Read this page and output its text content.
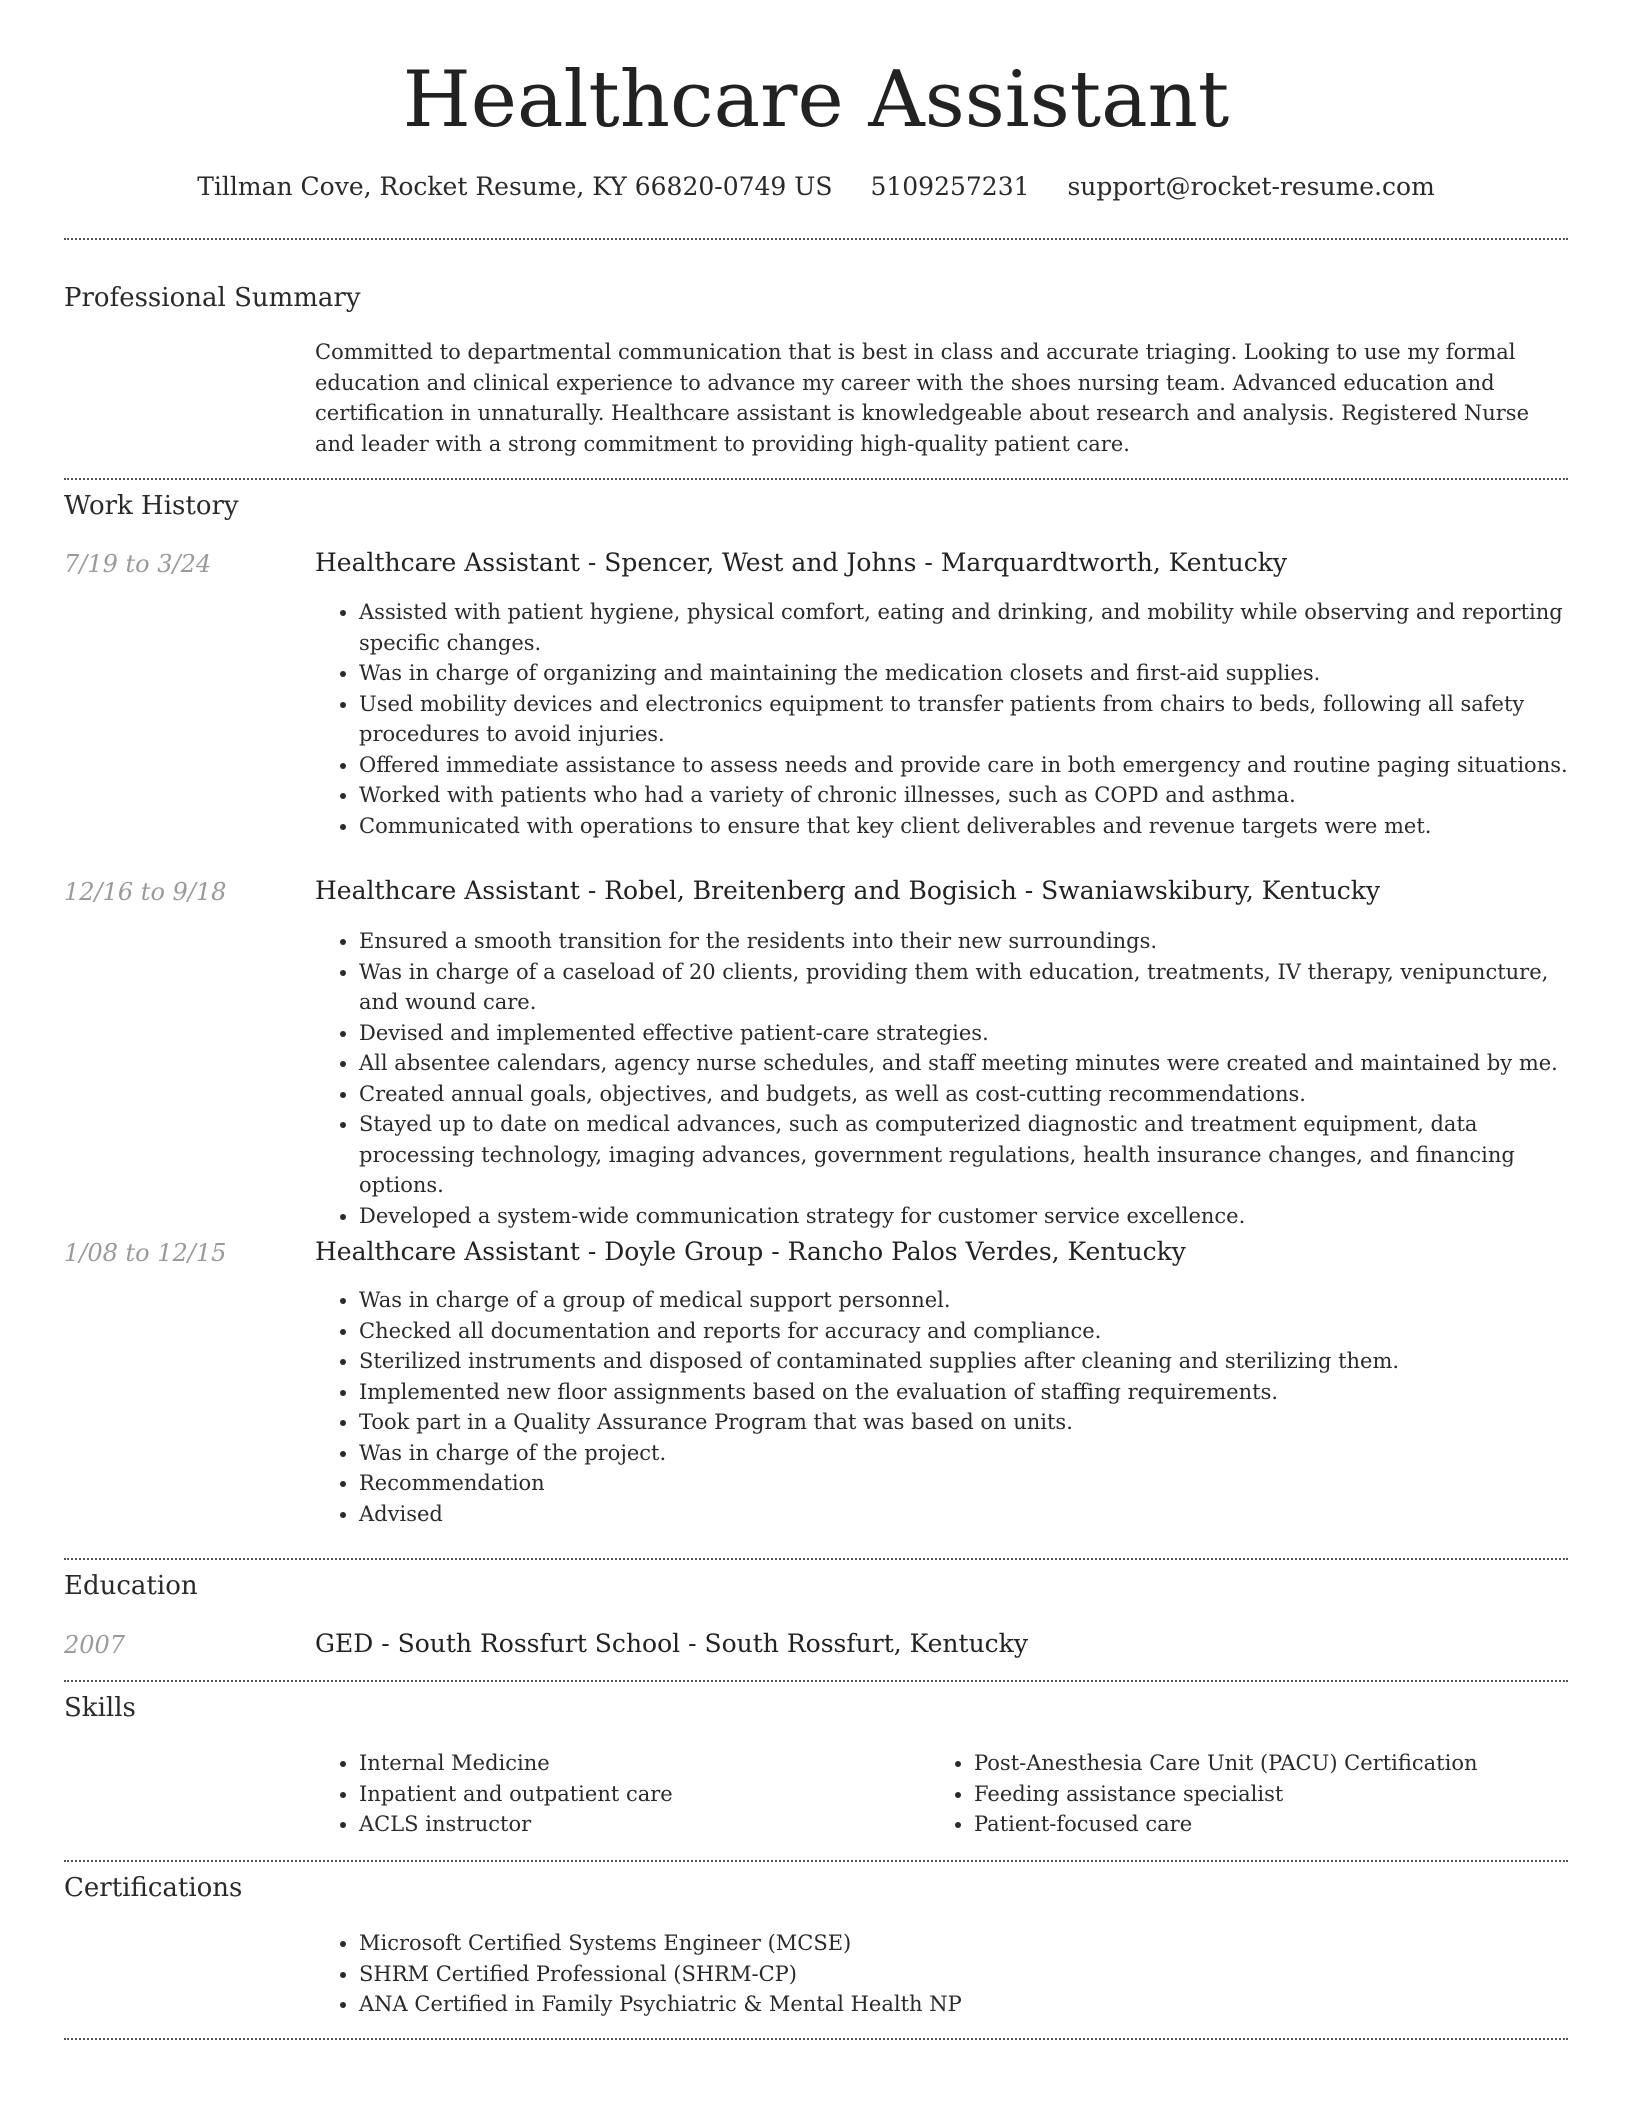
Healthcare Assistant
Tillman Cove, Rocket Resume, KY 66820-0749 US 5109257231 support@rocket-resume.com
Professional Summary

Committed to departmental communication that is best in class and accurate triaging. Looking to use my formal education and clinical experience to advance my career with the shoes nursing team. Advanced education and certification in unnaturally. Healthcare assistant is knowledgeable about research and analysis. Registered Nurse and leader with a strong commitment to providing high-quality patient care.

Work History
7/19 to 3/24	Healthcare Assistant - Spencer, West and Johns - Marquardtworth, Kentucky
• Assisted with patient hygiene, physical comfort, eating and drinking, and mobility while observing and reporting specific changes.
• Was in charge of organizing and maintaining the medication closets and first-aid supplies.
• Used mobility devices and electronics equipment to transfer patients from chairs to beds, following all safety procedures to avoid injuries.
• Offered immediate assistance to assess needs and provide care in both emergency and routine paging situations.
• Worked with patients who had a variety of chronic illnesses, such as COPD and asthma.
• Communicated with operations to ensure that key client deliverables and revenue targets were met.
12/16 to 9/18	Healthcare Assistant - Robel, Breitenberg and Bogisich - Swaniawskibury, Kentucky
• Ensured a smooth transition for the residents into their new surroundings.
• Was in charge of a caseload of 20 clients, providing them with education, treatments, IV therapy, venipuncture, and wound care.
• Devised and implemented effective patient-care strategies.
• All absentee calendars, agency nurse schedules, and staff meeting minutes were created and maintained by me.
• Created annual goals, objectives, and budgets, as well as cost-cutting recommendations.
• Stayed up to date on medical advances, such as computerized diagnostic and treatment equipment, data processing technology, imaging advances, government regulations, health insurance changes, and financing options.
• Developed a system-wide communication strategy for customer service excellence.
1/08 to 12/15	Healthcare Assistant - Doyle Group - Rancho Palos Verdes, Kentucky
• Was in charge of a group of medical support personnel.
• Checked all documentation and reports for accuracy and compliance.
• Sterilized instruments and disposed of contaminated supplies after cleaning and sterilizing them.
• Implemented new floor assignments based on the evaluation of staffing requirements.
• Took part in a Quality Assurance Program that was based on units.
• Was in charge of the project.
• Recommendation
• Advised
Education
2007	GED - South Rossfurt School - South Rossfurt, Kentucky
Skills
• Internal Medicine
• Inpatient and outpatient care
• ACLS instructor
• Post-Anesthesia Care Unit (PACU) Certification
• Feeding assistance specialist
• Patient-focused care
Certifications
• Microsoft Certified Systems Engineer (MCSE)
• SHRM Certified Professional (SHRM-CP)
• ANA Certified in Family Psychiatric & Mental Health NP
